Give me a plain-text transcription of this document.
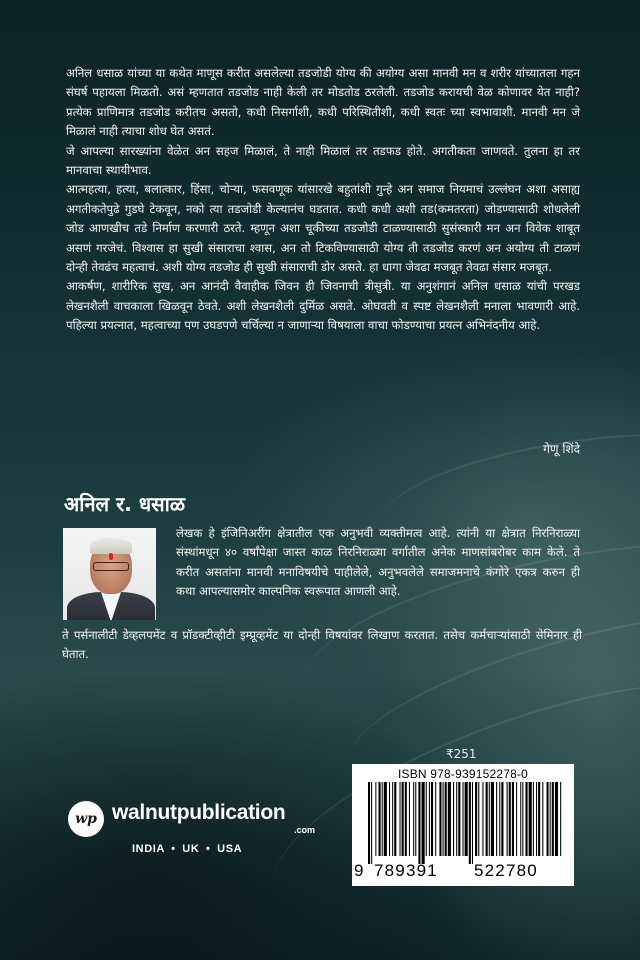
अनिल धसाळ यांच्या या कथेत माणूस करीत असलेल्या तडजोडी योग्य की अयोग्य असा मानवी मन व शरीर यांच्यातला गहन संघर्ष पहायला मिळतो. असं म्हणतात तडजोड नाही केली तर मोडतोड ठरलेली. तडजोड करायची वेळ कोणावर येत नाही? प्रत्येक प्राणिमात्र तडजोड करीतच असतो, कधी निसर्गाशी, कधी परिस्थितीशी, कधी स्वतः च्या स्वभावाशी. मानवी मन जे मिळालं नाही त्याचा शोध घेत असतं.

जे आपल्या सारख्यांना वेळेत अन सहज मिळालं, ते नाही मिळालं तर तडफड होते. अगतीकता जाणवते. तुलना हा तर मानवाचा स्थायीभाव.

आत्महत्या, हत्या, बलात्कार, हिंसा, चोऱ्या, फसवणूक यांसारखे बहुतांशी गुन्हे अन समाज नियमाचं उल्लंघन अशा असाह्य अगतीकतेपुढे गुडघे टेकवून, नको त्या तडजोडी केल्यानंच घडतात. कधी कधी अशी तड(कमतरता) जोडण्यासाठी शोधलेली जोड आणखीच तडे निर्माण करणारी ठरते. म्हणून अशा चूकीच्या तडजोडी टाळण्यासाठी सुसंस्कारी मन अन विवेक शाबूत असणं गरजेचं. विश्वास हा सुखी संसाराचा श्वास, अन तो टिकविण्यासाठी योग्य ती तडजोड करणं अन अयोग्य ती टाळणं दोन्ही तेवढंच महत्वाचं. अशी योग्य तडजोड ही सुखी संसाराची डोर असते. हा धागा जेवढा मजबूत तेवढा संसार मजबूत.

आकर्षण, शारीरिक सुख, अन आनंदी वैवाहीक जिवन ही जिवनाची त्रीसुत्री. या अनुशंगानं अनिल धसाळ यांची परखड लेखनशैली वाचकाला खिळवून ठेवते. अशी लेखनशैली दुर्मिळ असते. ओघवती व स्पष्ट लेखनशैली मनाला भावणारी आहे. पहिल्या प्रयत्नात, महत्वाच्या पण उघडपणे चर्चिल्या न जाणाऱ्या विषयाला वाचा फोडण्याचा प्रयत्न अभिनंदनीय आहे.

गेणू शिंदे
अनिल र. धसाळ
लेखक हे इंजिनिअरींग क्षेत्रातील एक अनुभवी व्यक्तीमत्व आहे. त्यांनी या क्षेत्रात निरनिराळ्या संस्थांमधून ४० वर्षांपेक्षा जास्त काळ निरनिराळ्या वर्गातील अनेक माणसांबरोबर काम केले. ते करीत असतांना मानवी मनाविषयीचे पाहीलेले, अनुभवलेले समाजमनाचे कंगोरे एकत्र करुन ही कथा आपल्यासमोर काल्पनिक स्वरूपात आणली आहे.
ते पर्सनालीटी डेव्हलपमेंट व प्रॉडक्टीव्हीटी इम्प्रूव्हमेंट या दोन्ही विषयांवर लिखाण करतात. तसेच कर्मचाऱ्यांसाठी सेमिनार ही घेतात.
₹251
ISBN 978-939152278-0
9 789391 522780
wp walnutpublication
.com
INDIA • UK • USA
